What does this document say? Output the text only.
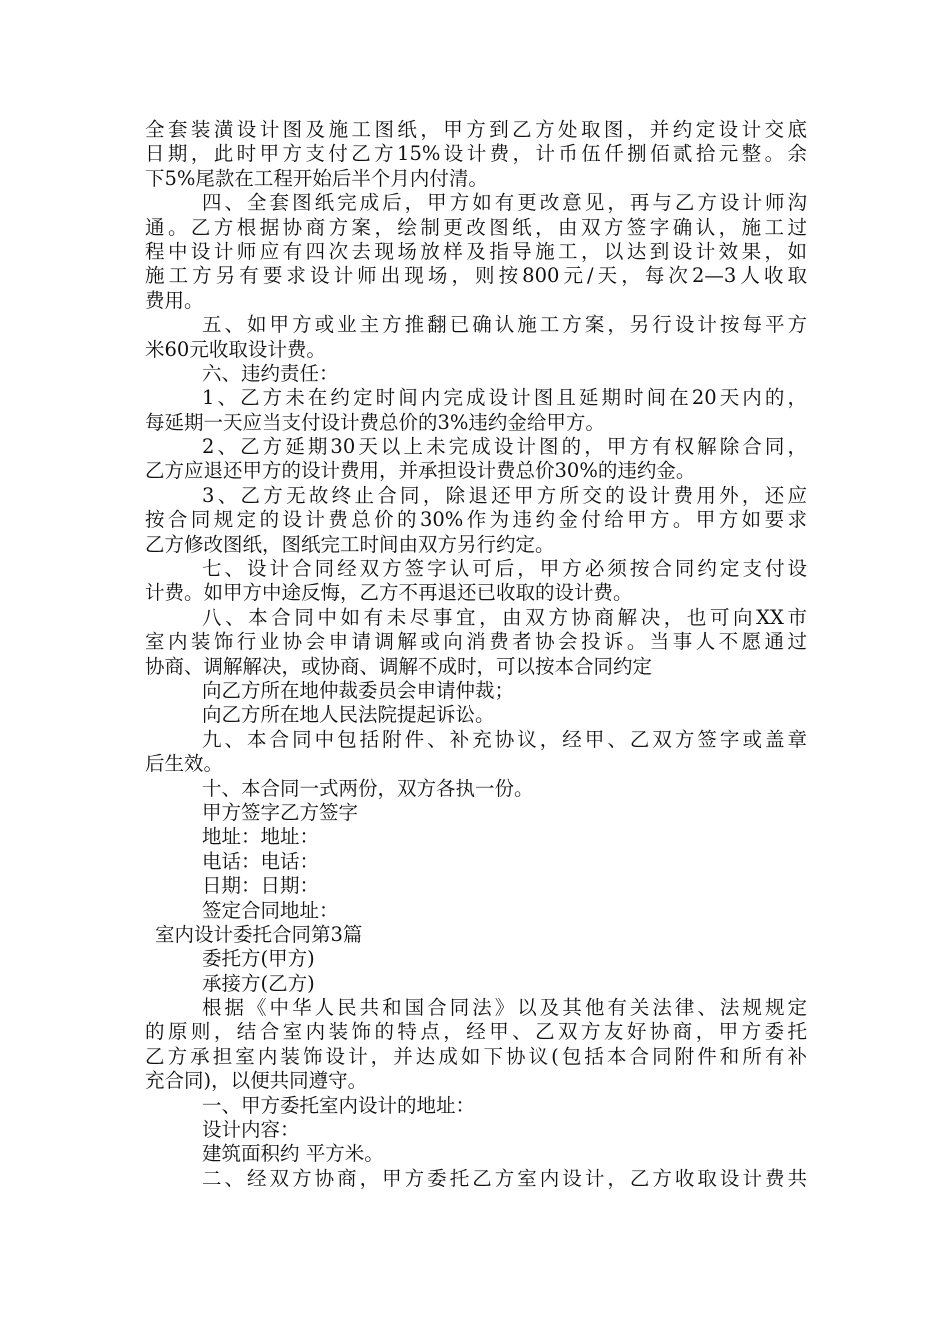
全套装潢设计图及施工图纸，甲方到乙方处取图，并约定设计交底
日期，此时甲方支付乙方15%设计费，计币伍仟捌佰贰拾元整。余
下5%尾款在工程开始后半个月内付清。
四、全套图纸完成后，甲方如有更改意见，再与乙方设计师沟
通。乙方根据协商方案，绘制更改图纸，由双方签字确认，施工过
程中设计师应有四次去现场放样及指导施工，以达到设计效果，如
施工方另有要求设计师出现场，则按800元/天，每次2—3人收取
费用。
五、如甲方或业主方推翻已确认施工方案，另行设计按每平方
米60元收取设计费。
六、违约责任：
1、乙方未在约定时间内完成设计图且延期时间在20天内的，
每延期一天应当支付设计费总价的3%违约金给甲方。
2、乙方延期30天以上未完成设计图的，甲方有权解除合同，
乙方应退还甲方的设计费用，并承担设计费总价30%的违约金。
3、乙方无故终止合同，除退还甲方所交的设计费用外，还应
按合同规定的设计费总价的30%作为违约金付给甲方。甲方如要求
乙方修改图纸，图纸完工时间由双方另行约定。
七、设计合同经双方签字认可后，甲方必须按合同约定支付设
计费。如甲方中途反悔，乙方不再退还已收取的设计费。
八、本合同中如有未尽事宜，由双方协商解决，也可向XX市
室内装饰行业协会申请调解或向消费者协会投诉。当事人不愿通过
协商、调解解决，或协商、调解不成时，可以按本合同约定
向乙方所在地仲裁委员会申请仲裁；
向乙方所在地人民法院提起诉讼。
九、本合同中包括附件、补充协议，经甲、乙双方签字或盖章
后生效。
十、本合同一式两份，双方各执一份。
甲方签字乙方签字
地址：地址：
电话：电话：
日期：日期：
签定合同地址：
室内设计委托合同第3篇
委托方(甲方)
承接方(乙方)
根据《中华人民共和国合同法》以及其他有关法律、法规规定
的原则，结合室内装饰的特点，经甲、乙双方友好协商，甲方委托
乙方承担室内装饰设计，并达成如下协议(包括本合同附件和所有补
充合同)，以便共同遵守。
一、甲方委托室内设计的地址：
设计内容：
建筑面积约 平方米。
二、经双方协商，甲方委托乙方室内设计，乙方收取设计费共
